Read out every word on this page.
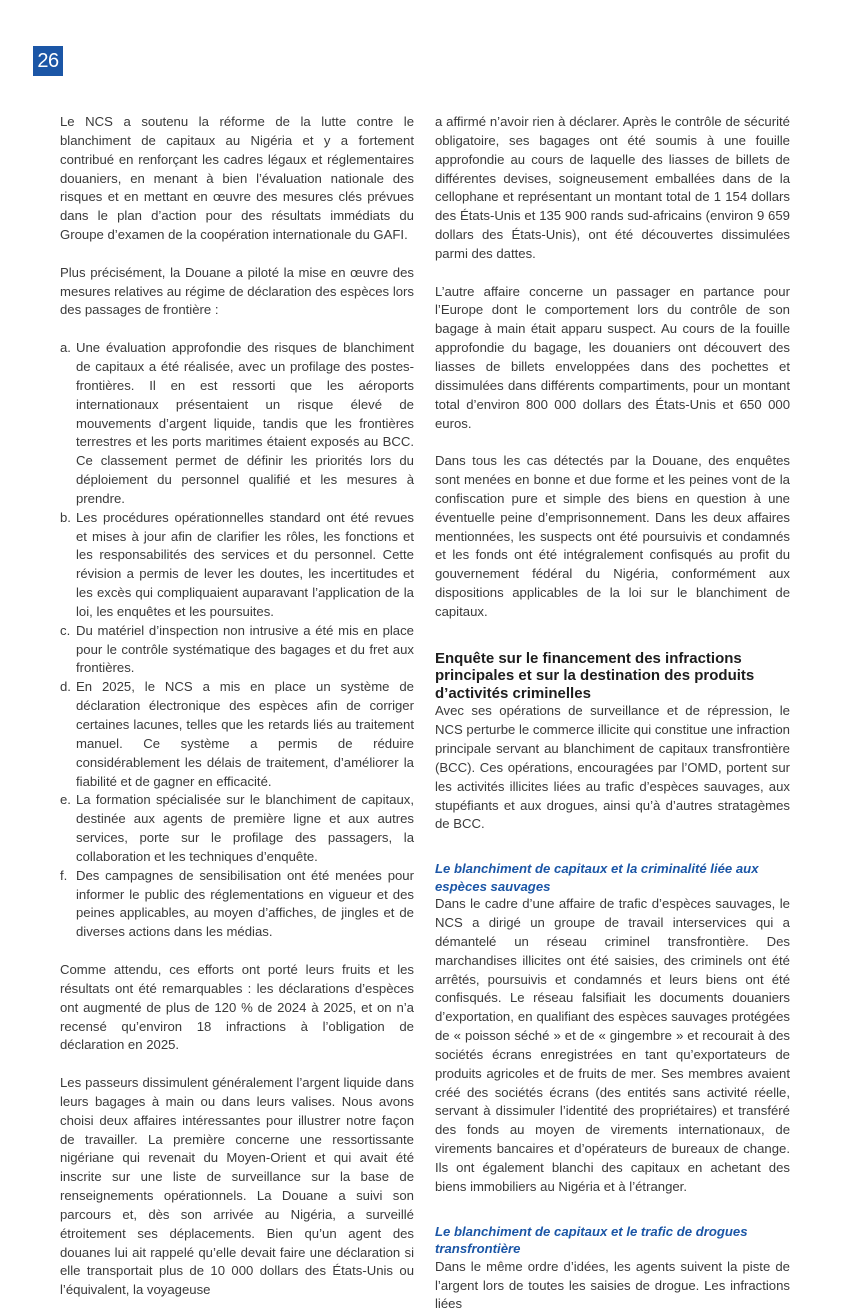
26

Le NCS a soutenu la réforme de la lutte contre le blanchiment de capitaux au Nigéria et y a fortement contribué en renforçant les cadres légaux et réglementaires douaniers, en menant à bien l’évaluation nationale des risques et en mettant en œuvre des mesures clés prévues dans le plan d’action pour des résultats immédiats du Groupe d’examen de la coopération internationale du GAFI.

Plus précisément, la Douane a piloté la mise en œuvre des mesures relatives au régime de déclaration des espèces lors des passages de frontière :

a. Une évaluation approfondie des risques de blanchiment de capitaux a été réalisée, avec un profilage des postes-frontières. Il en est ressorti que les aéroports internationaux présentaient un risque élevé de mouvements d’argent liquide, tandis que les frontières terrestres et les ports maritimes étaient exposés au BCC. Ce classement permet de définir les priorités lors du déploiement du personnel qualifié et les mesures à prendre.
b. Les procédures opérationnelles standard ont été revues et mises à jour afin de clarifier les rôles, les fonctions et les responsabilités des services et du personnel. Cette révision a permis de lever les doutes, les incertitudes et les excès qui compliquaient auparavant l’application de la loi, les enquêtes et les poursuites.
c. Du matériel d’inspection non intrusive a été mis en place pour le contrôle systématique des bagages et du fret aux frontières.
d. En 2025, le NCS a mis en place un système de déclaration électronique des espèces afin de corriger certaines lacunes, telles que les retards liés au traitement manuel. Ce système a permis de réduire considérablement les délais de traitement, d’améliorer la fiabilité et de gagner en efficacité.
e. La formation spécialisée sur le blanchiment de capitaux, destinée aux agents de première ligne et aux autres services, porte sur le profilage des passagers, la collaboration et les techniques d’enquête.
f. Des campagnes de sensibilisation ont été menées pour informer le public des réglementations en vigueur et des peines applicables, au moyen d’affiches, de jingles et de diverses actions dans les médias.

Comme attendu, ces efforts ont porté leurs fruits et les résultats ont été remarquables : les déclarations d’espèces ont augmenté de plus de 120 % de 2024 à 2025, et on n’a recensé qu’environ 18 infractions à l’obligation de déclaration en 2025.

Les passeurs dissimulent généralement l’argent liquide dans leurs bagages à main ou dans leurs valises. Nous avons choisi deux affaires intéressantes pour illustrer notre façon de travailler. La première concerne une ressortissante nigériane qui revenait du Moyen-Orient et qui avait été inscrite sur une liste de surveillance sur la base de renseignements opérationnels. La Douane a suivi son parcours et, dès son arrivée au Nigéria, a surveillé étroitement ses déplacements. Bien qu’un agent des douanes lui ait rappelé qu’elle devait faire une déclaration si elle transportait plus de 10 000 dollars des États-Unis ou l’équivalent, la voyageuse

a affirmé n’avoir rien à déclarer. Après le contrôle de sécurité obligatoire, ses bagages ont été soumis à une fouille approfondie au cours de laquelle des liasses de billets de différentes devises, soigneusement emballées dans de la cellophane et représentant un montant total de 1 154 dollars des États-Unis et 135 900 rands sud-africains (environ 9 659 dollars des États-Unis), ont été découvertes dissimulées parmi des dattes.

L’autre affaire concerne un passager en partance pour l’Europe dont le comportement lors du contrôle de son bagage à main était apparu suspect. Au cours de la fouille approfondie du bagage, les douaniers ont découvert des liasses de billets enveloppées dans des pochettes et dissimulées dans différents compartiments, pour un montant total d’environ 800 000 dollars des États-Unis et 650 000 euros.

Dans tous les cas détectés par la Douane, des enquêtes sont menées en bonne et due forme et les peines vont de la confiscation pure et simple des biens en question à une éventuelle peine d’emprisonnement. Dans les deux affaires mentionnées, les suspects ont été poursuivis et condamnés et les fonds ont été intégralement confisqués au profit du gouvernement fédéral du Nigéria, conformément aux dispositions applicables de la loi sur le blanchiment de capitaux.

Enquête sur le financement des infractions principales et sur la destination des produits d’activités criminelles

Avec ses opérations de surveillance et de répression, le NCS perturbe le commerce illicite qui constitue une infraction principale servant au blanchiment de capitaux transfrontière (BCC). Ces opérations, encouragées par l’OMD, portent sur les activités illicites liées au trafic d’espèces sauvages, aux stupéfiants et aux drogues, ainsi qu’à d’autres stratagèmes de BCC.

Le blanchiment de capitaux et la criminalité liée aux espèces sauvages

Dans le cadre d’une affaire de trafic d’espèces sauvages, le NCS a dirigé un groupe de travail interservices qui a démantelé un réseau criminel transfrontière. Des marchandises illicites ont été saisies, des criminels ont été arrêtés, poursuivis et condamnés et leurs biens ont été confisqués. Le réseau falsifiait les documents douaniers d’exportation, en qualifiant des espèces sauvages protégées de « poisson séché » et de « gingembre » et recourait à des sociétés écrans enregistrées en tant qu’exportateurs de produits agricoles et de fruits de mer. Ses membres avaient créé des sociétés écrans (des entités sans activité réelle, servant à dissimuler l’identité des propriétaires) et transféré des fonds au moyen de virements internationaux, de virements bancaires et d’opérateurs de bureaux de change. Ils ont également blanchi des capitaux en achetant des biens immobiliers au Nigéria et à l’étranger.

Le blanchiment de capitaux et le trafic de drogues transfrontière

Dans le même ordre d’idées, les agents suivent la piste de l’argent lors de toutes les saisies de drogue. Les infractions liées
